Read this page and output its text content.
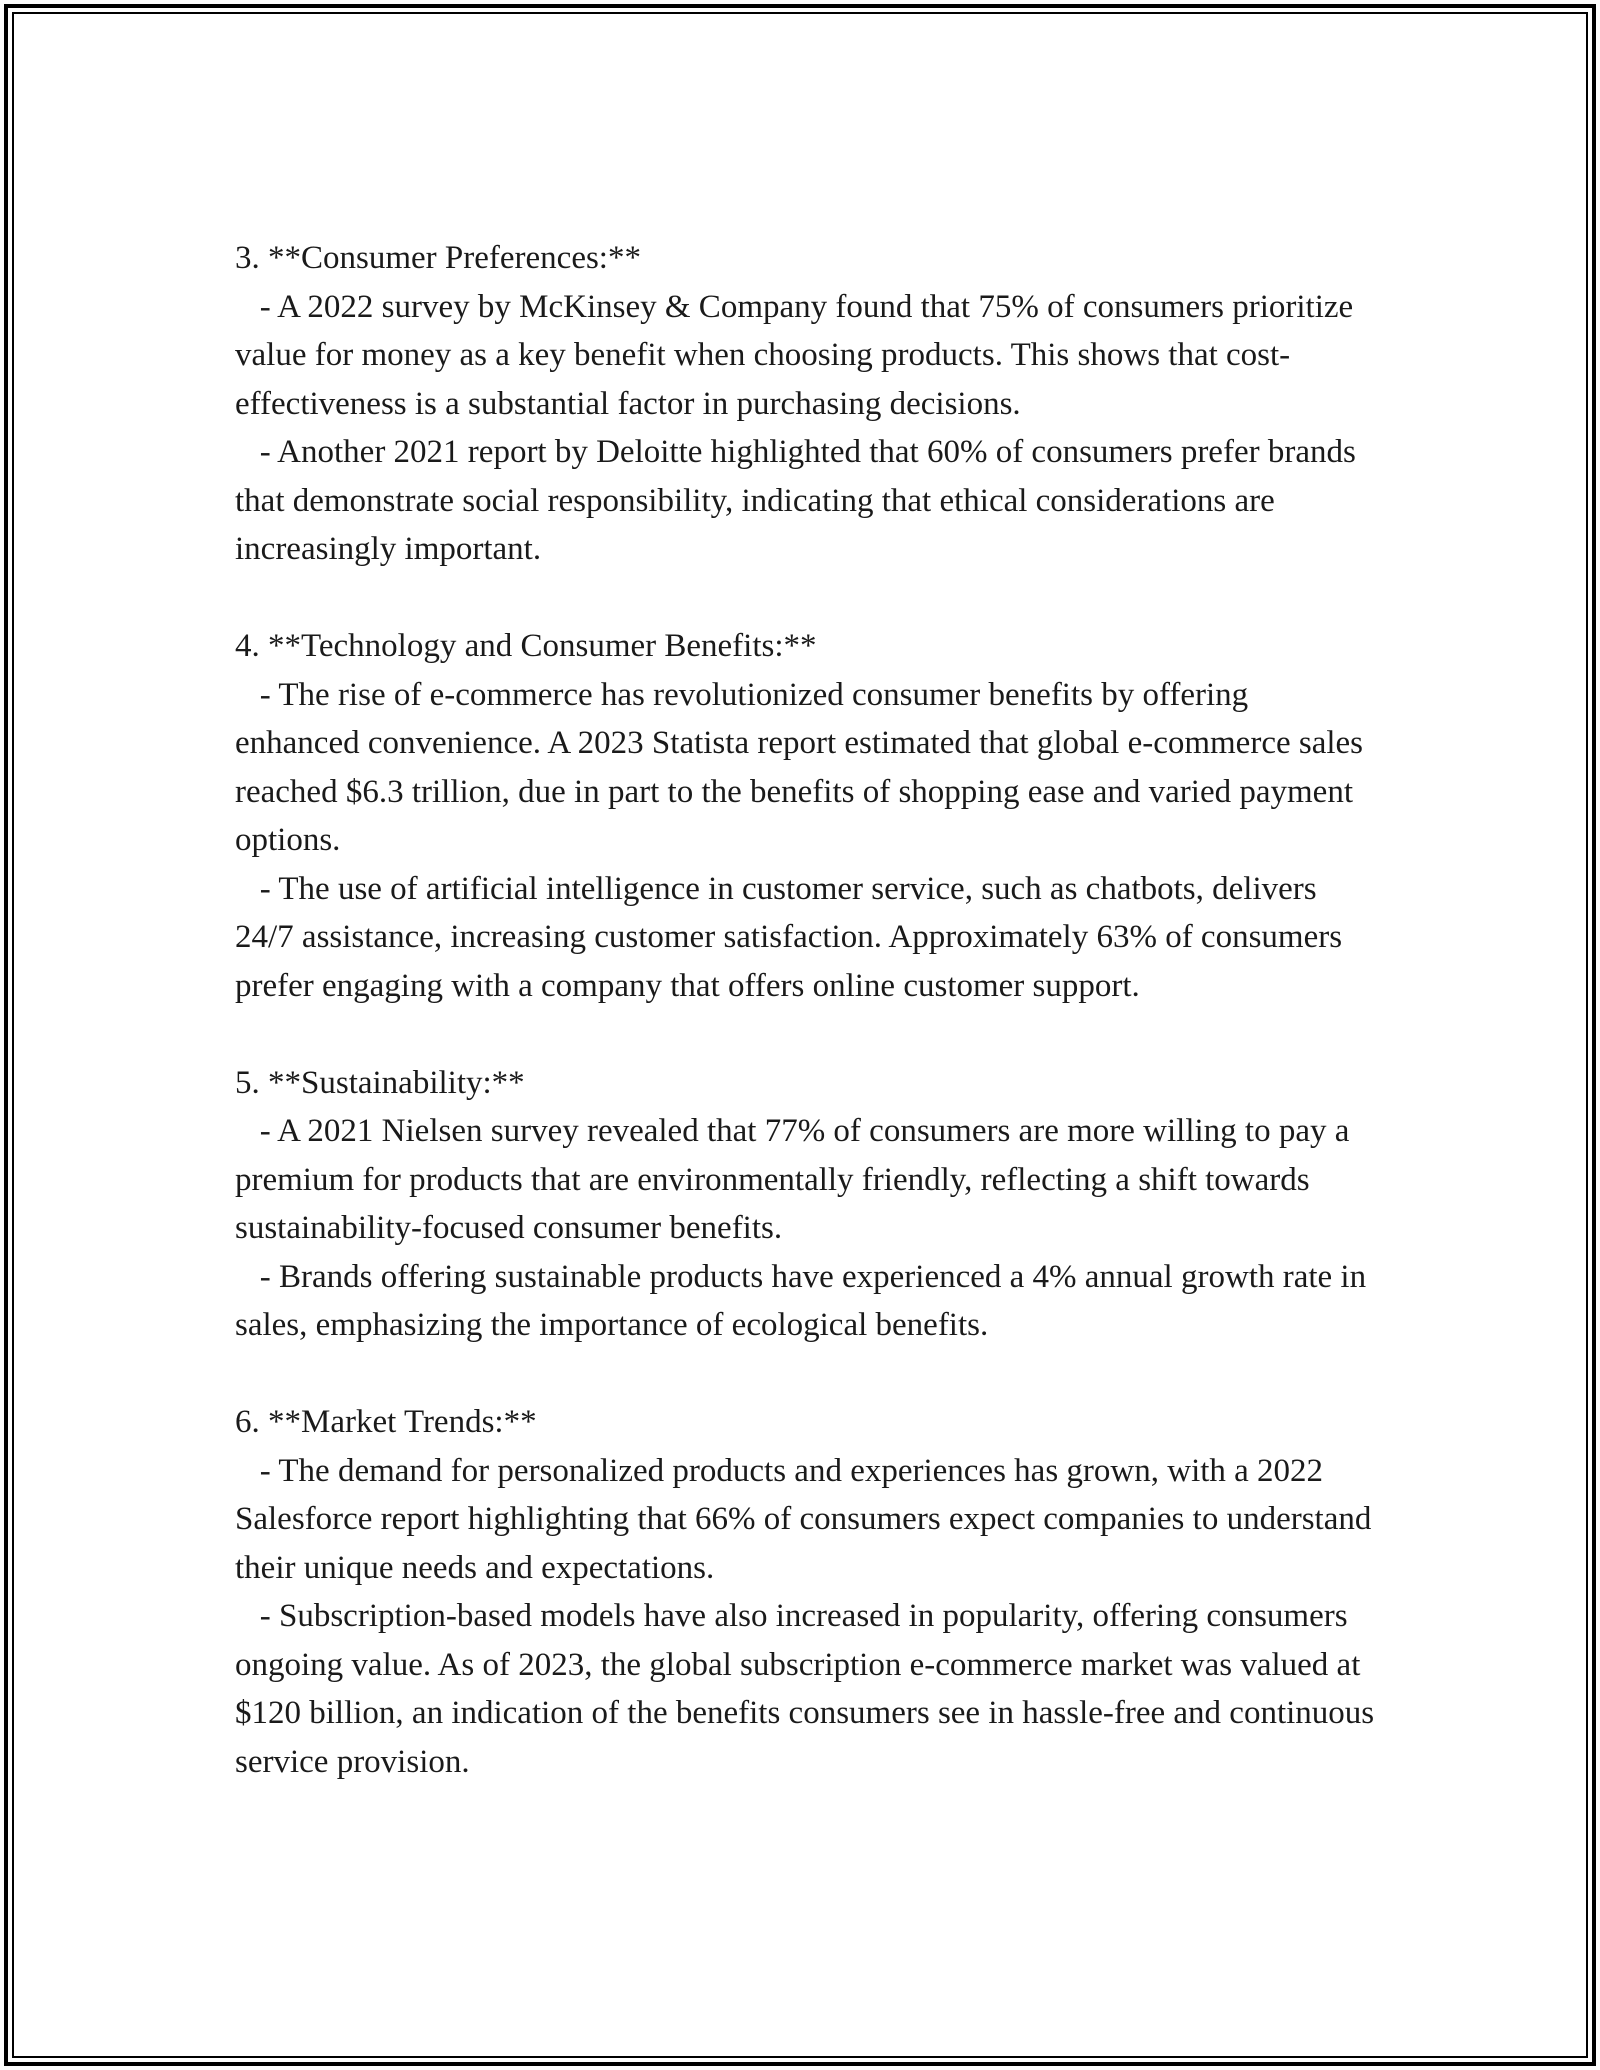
3. **Consumer Preferences:**

- A 2022 survey by McKinsey & Company found that 75% of consumers prioritize value for money as a key benefit when choosing products. This shows that cost-effectiveness is a substantial factor in purchasing decisions.

- Another 2021 report by Deloitte highlighted that 60% of consumers prefer brands that demonstrate social responsibility, indicating that ethical considerations are increasingly important.

4. **Technology and Consumer Benefits:**

- The rise of e-commerce has revolutionized consumer benefits by offering enhanced convenience. A 2023 Statista report estimated that global e-commerce sales reached $6.3 trillion, due in part to the benefits of shopping ease and varied payment options.

- The use of artificial intelligence in customer service, such as chatbots, delivers 24/7 assistance, increasing customer satisfaction. Approximately 63% of consumers prefer engaging with a company that offers online customer support.

5. **Sustainability:**

- A 2021 Nielsen survey revealed that 77% of consumers are more willing to pay a premium for products that are environmentally friendly, reflecting a shift towards sustainability-focused consumer benefits.

- Brands offering sustainable products have experienced a 4% annual growth rate in sales, emphasizing the importance of ecological benefits.

6. **Market Trends:**

- The demand for personalized products and experiences has grown, with a 2022 Salesforce report highlighting that 66% of consumers expect companies to understand their unique needs and expectations.

- Subscription-based models have also increased in popularity, offering consumers ongoing value. As of 2023, the global subscription e-commerce market was valued at $120 billion, an indication of the benefits consumers see in hassle-free and continuous service provision.
